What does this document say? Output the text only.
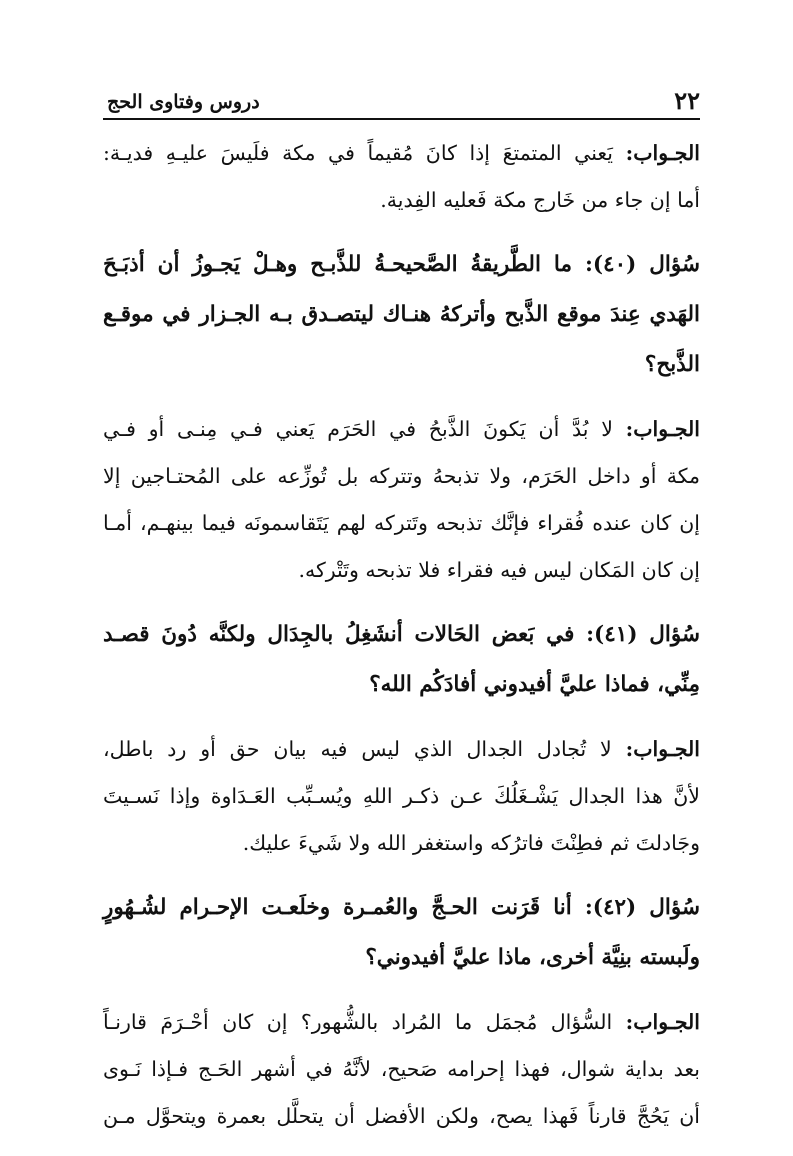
٢٢
دروس وفتاوى الحج

الجـواب: يَعني المتمتعَ إذا كانَ مُقيماً في مكة فلَيسَ عليـهِ فديـة:
أما إن جاء من خَارج مكة فَعليه الفِدية.

سُؤال (٤٠): ما الطَّريقةُ الصَّحيحـةُ للذَّبـح وهـلْ يَجـوزُ أن أذبَـحَ
الهَدي عِندَ موقع الذَّبح وأتركهُ هنـاك ليتصـدق بـه الجـزار في موقـع
الذَّبح؟

الجـواب: لا بُدَّ أن يَكونَ الذَّبحُ في الحَرَم يَعني فـي مِنـى أو فـي
مكة أو داخل الحَرَم، ولا تذبحهُ وتتركه بل تُوزِّعه على المُحتـاجين إلا
إن كان عنده فُقراء فإنَّك تذبحه وتَتركه لهم يَتَقاسمونَه فيما بينهـم، أمـا
إن كان المَكان ليس فيه فقراء فلا تذبحه وتَتْركه.

سُؤال (٤١): في بَعض الحَالات أنشَغِلُ بالجِدَال ولكنَّه دُونَ قصـد
مِنِّي، فماذا عليَّ أفيدوني أفادَكُم الله؟

الجـواب: لا تُجادل الجدال الذي ليس فيه بيان حق أو رد باطل،
لأنَّ هذا الجدال يَشْـغَلُكَ عـن ذكـر اللهِ ويُسـبِّب العَـدَاوة وإذا نَسـيتَ
وجَادلتَ ثم فطِنْتَ فاترُكه واستغفر الله ولا شَيءَ عليك.

سُؤال (٤٢): أنا قَرَنت الحـجَّ والعُمـرة وخلَعـت الإحـرام لشُـهُورٍ
ولَبسته بنِيَّة أخرى، ماذا عليَّ أفيدوني؟

الجـواب: السُّؤال مُجمَل ما المُراد بالشُّهور؟ إن كان أحْـرَمَ قارنـاً
بعد بداية شوال، فهذا إحرامه صَحيح، لأنَّهُ في أشهر الحَـج فـإذا نَـوى
أن يَحُجَّ قارناً فَهذا يصح، ولكن الأفضل أن يتحلَّل بعمرة ويتحوَّل مـن
